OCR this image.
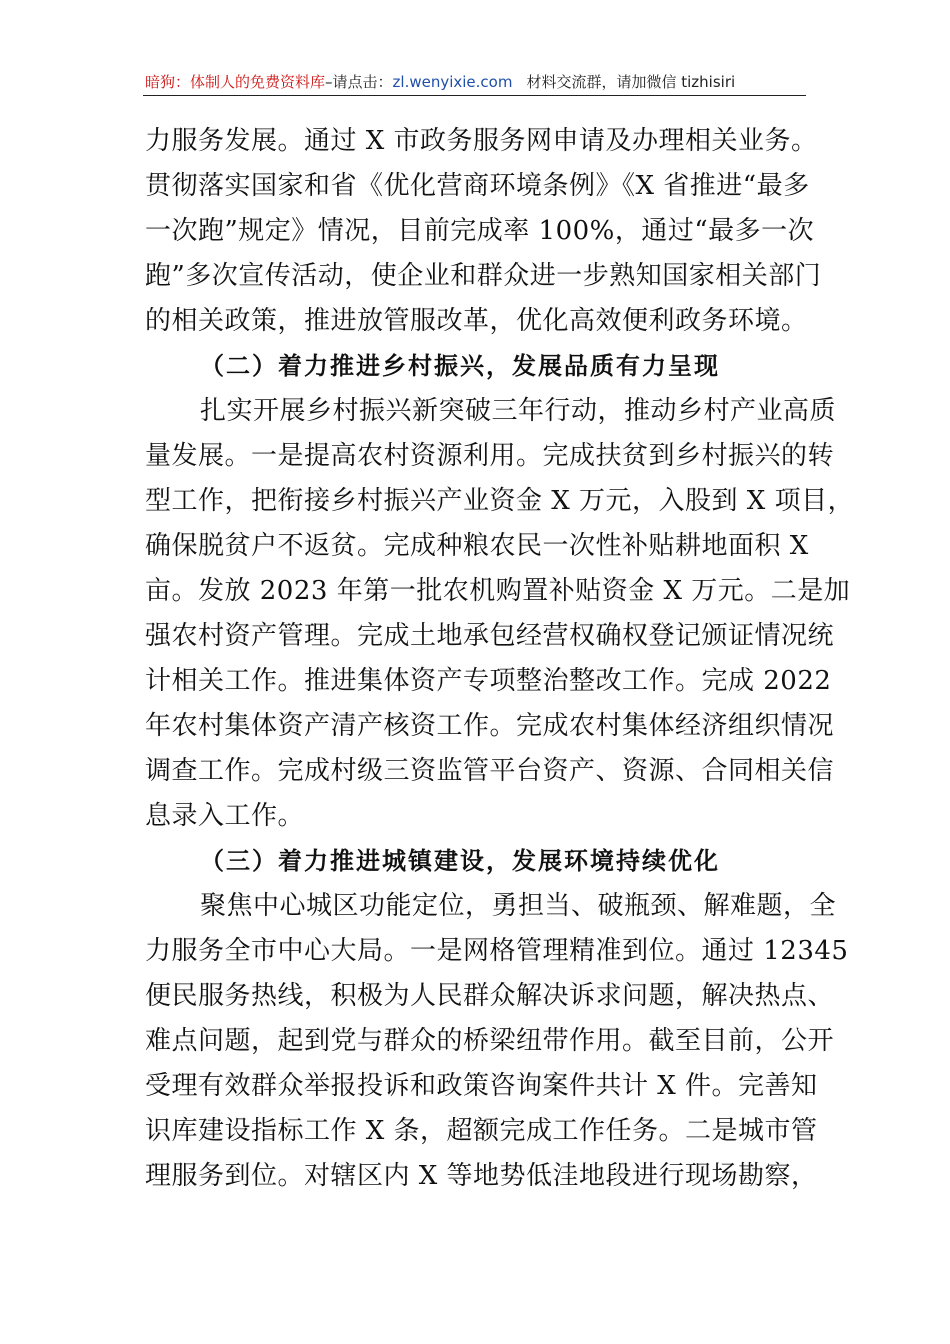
暗狗：体制人的免费资料库–请点击：zl.wenyixie.com 材料交流群，请加微信 tizhisiri
力服务发展。通过 X 市政务服务网申请及办理相关业务。
贯彻落实国家和省《优化营商环境条例》《X 省推进“最多
一次跑”规定》情况，目前完成率 100%，通过“最多一次
跑”多次宣传活动，使企业和群众进一步熟知国家相关部门
的相关政策，推进放管服改革，优化高效便利政务环境。
（二）着力推进乡村振兴，发展品质有力呈现
扎实开展乡村振兴新突破三年行动，推动乡村产业高质
量发展。一是提高农村资源利用。完成扶贫到乡村振兴的转
型工作，把衔接乡村振兴产业资金 X 万元，入股到 X 项目，
确保脱贫户不返贫。完成种粮农民一次性补贴耕地面积 X
亩。发放 2023 年第一批农机购置补贴资金 X 万元。二是加
强农村资产管理。完成土地承包经营权确权登记颁证情况统
计相关工作。推进集体资产专项整治整改工作。完成 2022
年农村集体资产清产核资工作。完成农村集体经济组织情况
调查工作。完成村级三资监管平台资产、资源、合同相关信
息录入工作。
（三）着力推进城镇建设，发展环境持续优化
聚焦中心城区功能定位，勇担当、破瓶颈、解难题，全
力服务全市中心大局。一是网格管理精准到位。通过 12345
便民服务热线，积极为人民群众解决诉求问题，解决热点、
难点问题，起到党与群众的桥梁纽带作用。截至目前，公开
受理有效群众举报投诉和政策咨询案件共计 X 件。完善知
识库建设指标工作 X 条，超额完成工作任务。二是城市管
理服务到位。对辖区内 X 等地势低洼地段进行现场勘察，
